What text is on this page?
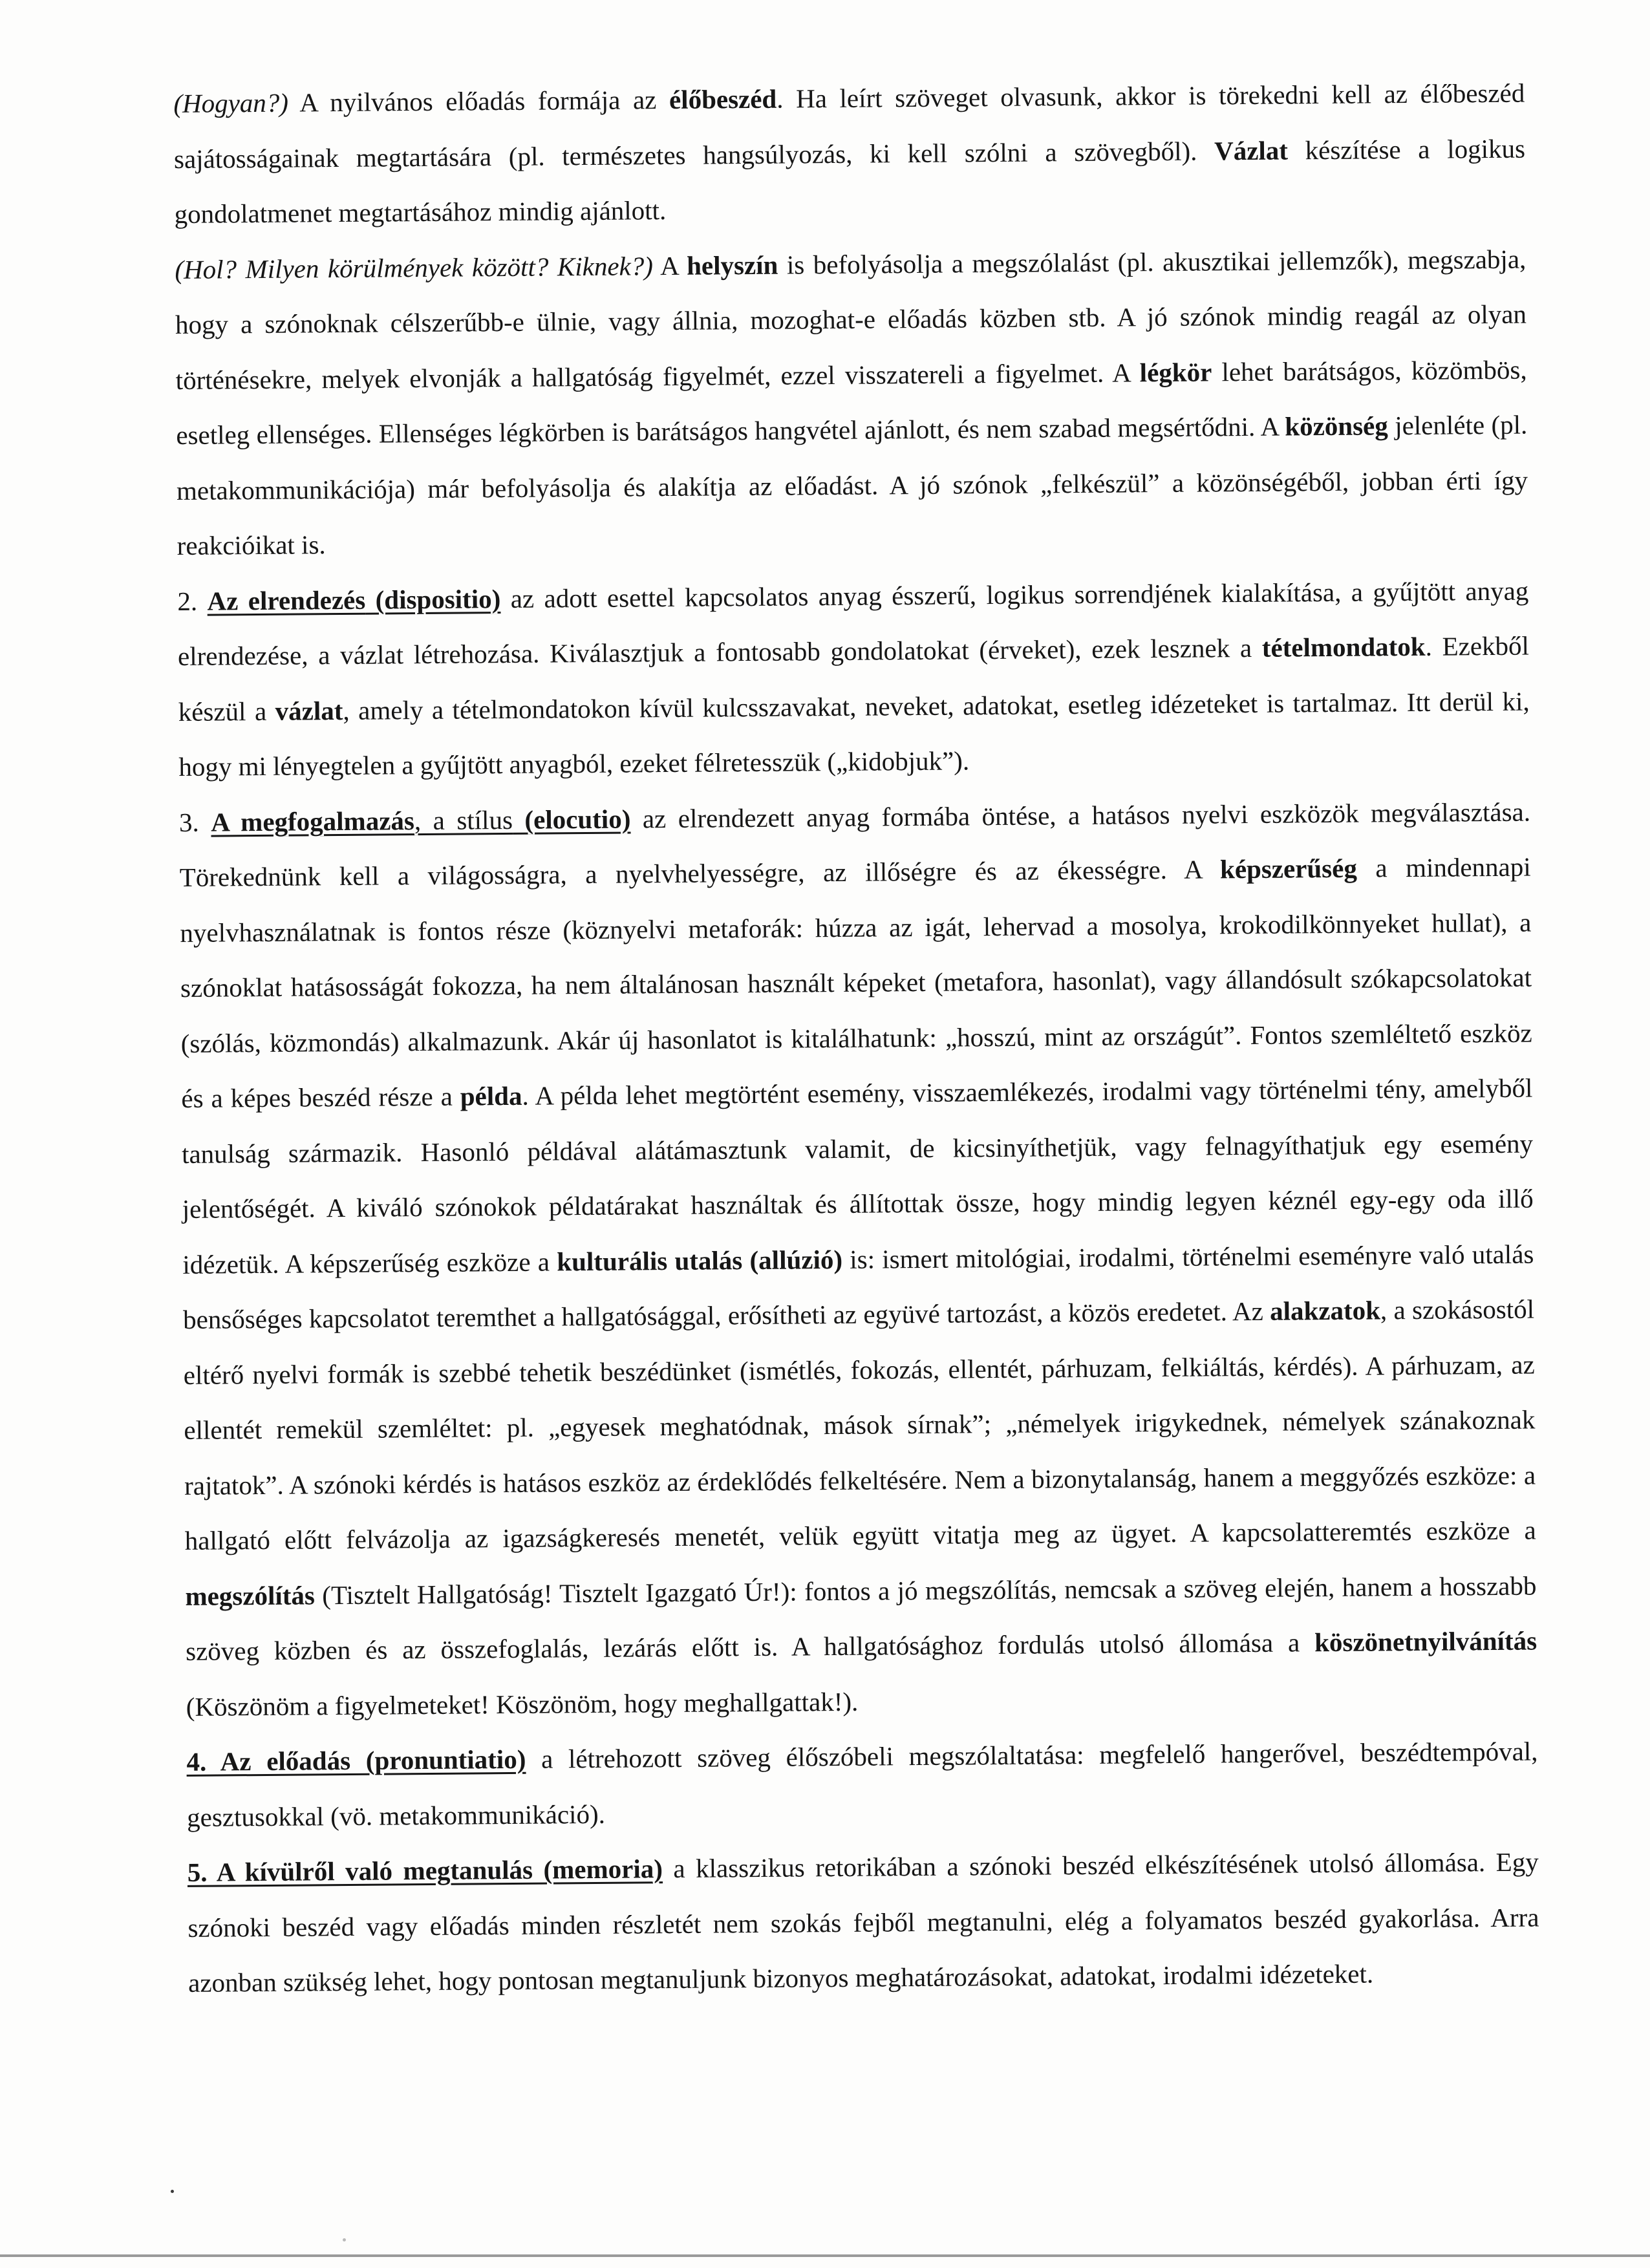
(Hogyan?) A nyilvános előadás formája az élőbeszéd. Ha leírt szöveget olvasunk, akkor is törekedni kell az élőbeszéd sajátosságainak megtartására (pl. természetes hangsúlyozás, ki kell szólni a szövegből). Vázlat készítése a logikus gondolatmenet megtartásához mindig ajánlott.

(Hol? Milyen körülmények között? Kiknek?) A helyszín is befolyásolja a megszólalást (pl. akusztikai jellemzők), megszabja, hogy a szónoknak célszerűbb-e ülnie, vagy állnia, mozoghat-e előadás közben stb. A jó szónok mindig reagál az olyan történésekre, melyek elvonják a hallgatóság figyelmét, ezzel visszatereli a figyelmet. A légkör lehet barátságos, közömbös, esetleg ellenséges. Ellenséges légkörben is barátságos hangvétel ajánlott, és nem szabad megsértődni. A közönség jelenléte (pl. metakommunikációja) már befolyásolja és alakítja az előadást. A jó szónok „felkészül” a közönségéből, jobban érti így reakcióikat is.

2. Az elrendezés (dispositio) az adott esettel kapcsolatos anyag ésszerű, logikus sorrendjének kialakítása, a gyűjtött anyag elrendezése, a vázlat létrehozása. Kiválasztjuk a fontosabb gondolatokat (érveket), ezek lesznek a tételmondatok. Ezekből készül a vázlat, amely a tételmondatokon kívül kulcsszavakat, neveket, adatokat, esetleg idézeteket is tartalmaz. Itt derül ki, hogy mi lényegtelen a gyűjtött anyagból, ezeket félretesszük („kidobjuk”).

3. A megfogalmazás, a stílus (elocutio) az elrendezett anyag formába öntése, a hatásos nyelvi eszközök megválasztása. Törekednünk kell a világosságra, a nyelvhelyességre, az illőségre és az ékességre. A képszerűség a mindennapi nyelvhasználatnak is fontos része (köznyelvi metaforák: húzza az igát, lehervad a mosolya, krokodilkönnyeket hullat), a szónoklat hatásosságát fokozza, ha nem általánosan használt képeket (metafora, hasonlat), vagy állandósult szókapcsolatokat (szólás, közmondás) alkalmazunk. Akár új hasonlatot is kitalálhatunk: „hosszú, mint az országút”. Fontos szemléltető eszköz és a képes beszéd része a példa. A példa lehet megtörtént esemény, visszaemlékezés, irodalmi vagy történelmi tény, amelyből tanulság származik. Hasonló példával alátámasztunk valamit, de kicsinyíthetjük, vagy felnagyíthatjuk egy esemény jelentőségét. A kiváló szónokok példatárakat használtak és állítottak össze, hogy mindig legyen kéznél egy-egy oda illő idézetük. A képszerűség eszköze a kulturális utalás (allúzió) is: ismert mitológiai, irodalmi, történelmi eseményre való utalás bensőséges kapcsolatot teremthet a hallgatósággal, erősítheti az együvé tartozást, a közös eredetet. Az alakzatok, a szokásostól eltérő nyelvi formák is szebbé tehetik beszédünket (ismétlés, fokozás, ellentét, párhuzam, felkiáltás, kérdés). A párhuzam, az ellentét remekül szemléltet: pl. „egyesek meghatódnak, mások sírnak”; „némelyek irigykednek, némelyek szánakoznak rajtatok”. A szónoki kérdés is hatásos eszköz az érdeklődés felkeltésére. Nem a bizonytalanság, hanem a meggyőzés eszköze: a hallgató előtt felvázolja az igazságkeresés menetét, velük együtt vitatja meg az ügyet. A kapcsolatteremtés eszköze a megszólítás (Tisztelt Hallgatóság! Tisztelt Igazgató Úr!): fontos a jó megszólítás, nemcsak a szöveg elején, hanem a hosszabb szöveg közben és az összefoglalás, lezárás előtt is. A hallgatósághoz fordulás utolsó állomása a köszönetnyilvánítás (Köszönöm a figyelmeteket! Köszönöm, hogy meghallgattak!).

4. Az előadás (pronuntiatio) a létrehozott szöveg élőszóbeli megszólaltatása: megfelelő hangerővel, beszédtempóval, gesztusokkal (vö. metakommunikáció).

5. A kívülről való megtanulás (memoria) a klasszikus retorikában a szónoki beszéd elkészítésének utolsó állomása. Egy szónoki beszéd vagy előadás minden részletét nem szokás fejből megtanulni, elég a folyamatos beszéd gyakorlása. Arra azonban szükség lehet, hogy pontosan megtanuljunk bizonyos meghatározásokat, adatokat, irodalmi idézeteket.
